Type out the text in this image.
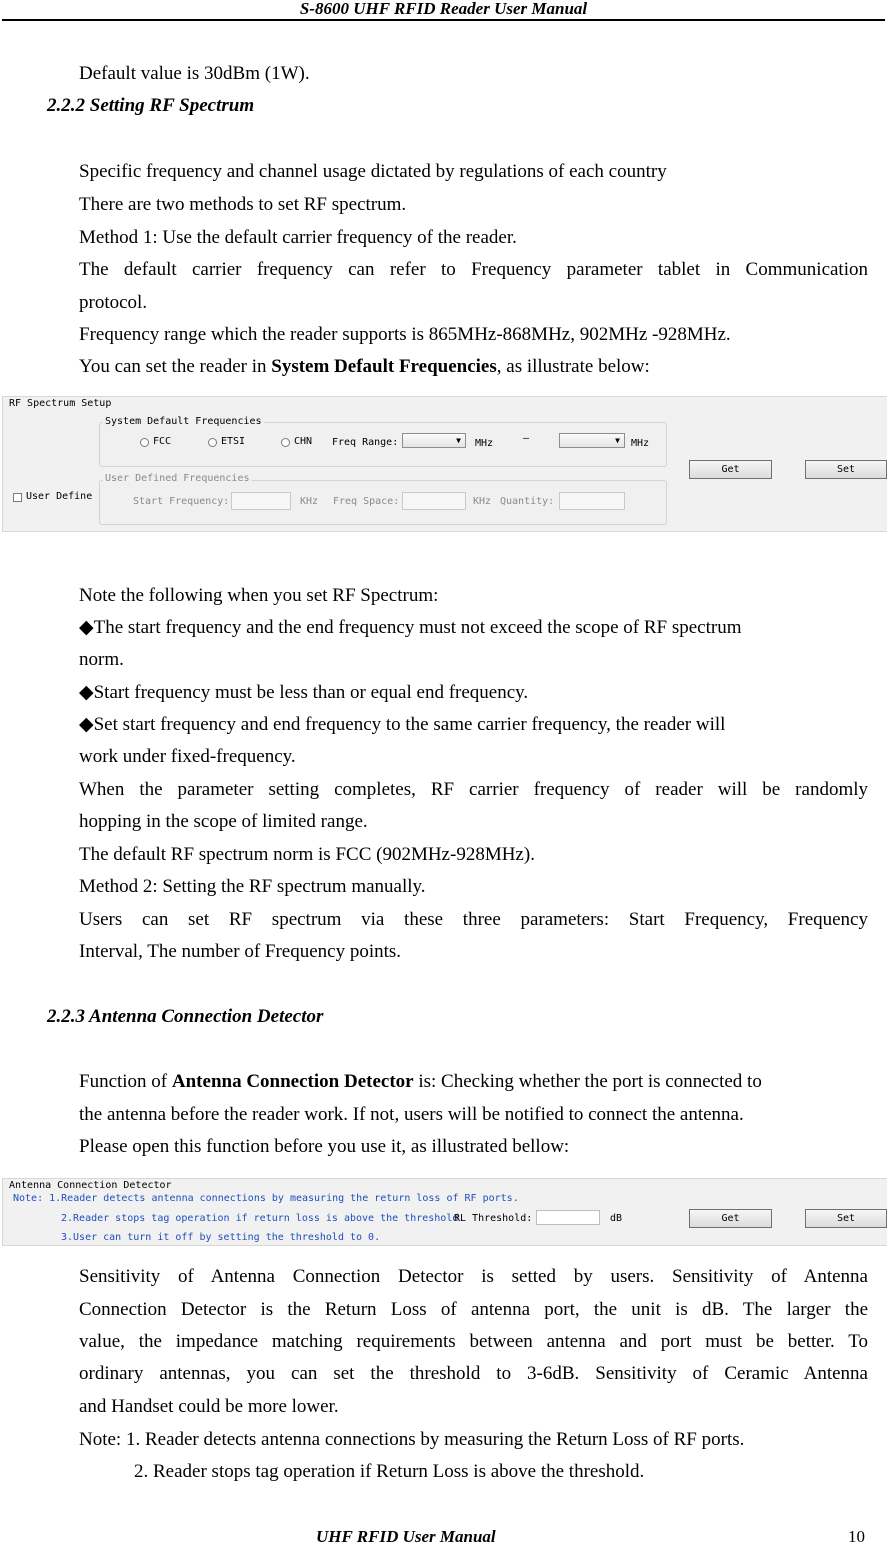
S-8600 UHF RFID Reader User Manual
Default value is 30dBm (1W).
2.2.2 Setting RF Spectrum
Specific frequency and channel usage dictated by regulations of each country
There are two methods to set RF spectrum.
Method 1: Use the default carrier frequency of the reader.
The default carrier frequency can refer to Frequency parameter tablet in Communication
protocol.
Frequency range which the reader supports is 865MHz-868MHz, 902MHz -928MHz.
You can set the reader in System Default Frequencies, as illustrate below:
RF Spectrum Setup
System Default Frequencies
FCC	ETSI	CHN Freq Range:	▼ MHz	—	▼ MHz
User Defined Frequencies
User Define	Start Frequency:	KHz Freq Space:	KHz Quantity:
Get	Set
Note the following when you set RF Spectrum:
◆The start frequency and the end frequency must not exceed the scope of RF spectrum
norm.
◆Start frequency must be less than or equal end frequency.
◆Set start frequency and end frequency to the same carrier frequency, the reader will
work under fixed-frequency.
When the parameter setting completes, RF carrier frequency of reader will be randomly
hopping in the scope of limited range.
The default RF spectrum norm is FCC (902MHz-928MHz).
Method 2: Setting the RF spectrum manually.
Users can set RF spectrum via these three parameters: Start Frequency, Frequency
Interval, The number of Frequency points.
2.2.3 Antenna Connection Detector
Function of Antenna Connection Detector is: Checking whether the port is connected to
the antenna before the reader work. If not, users will be notified to connect the antenna.
Please open this function before you use it, as illustrated bellow:
Antenna Connection Detector
Note: 1.Reader detects antenna connections by measuring the return loss of RF ports.
2.Reader stops tag operation if return loss is above the threshold.
3.User can turn it off by setting the threshold to 0.
RL Threshold:	dB	Get	Set
Sensitivity of Antenna Connection Detector is setted by users. Sensitivity of Antenna
Connection Detector is the Return Loss of antenna port, the unit is dB. The larger the
value, the impedance matching requirements between antenna and port must be better. To
ordinary antennas, you can set the threshold to 3-6dB. Sensitivity of Ceramic Antenna
and Handset could be more lower.
Note: 1. Reader detects antenna connections by measuring the Return Loss of RF ports.
2. Reader stops tag operation if Return Loss is above the threshold.
UHF RFID User Manual	10
